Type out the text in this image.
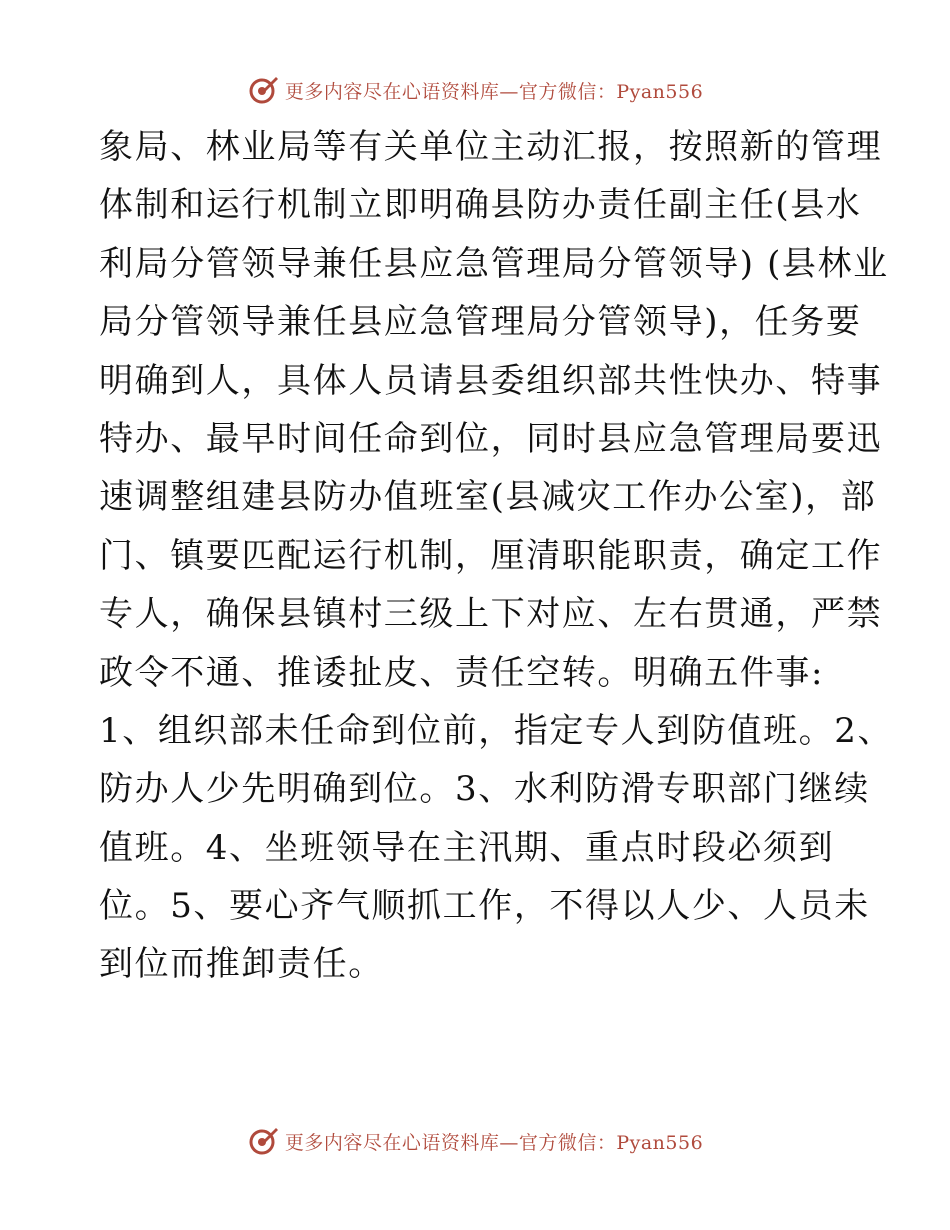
更多内容尽在心语资料库—官方微信：Pyan556
象局、林业局等有关单位主动汇报，按照新的管理
体制和运行机制立即明确县防办责任副主任(县水
利局分管领导兼任县应急管理局分管领导) (县林业
局分管领导兼任县应急管理局分管领导)，任务要
明确到人，具体人员请县委组织部共性快办、特事
特办、最早时间任命到位，同时县应急管理局要迅
速调整组建县防办值班室(县减灾工作办公室)，部
门、镇要匹配运行机制，厘清职能职责，确定工作
专人，确保县镇村三级上下对应、左右贯通，严禁
政令不通、推诿扯皮、责任空转。明确五件事:
1、组织部未任命到位前，指定专人到防值班。2、
防办人少先明确到位。3、水利防滑专职部门继续
值班。4、坐班领导在主汛期、重点时段必须到
位。5、要心齐气顺抓工作，不得以人少、人员未
到位而推卸责任。
更多内容尽在心语资料库—官方微信：Pyan556
